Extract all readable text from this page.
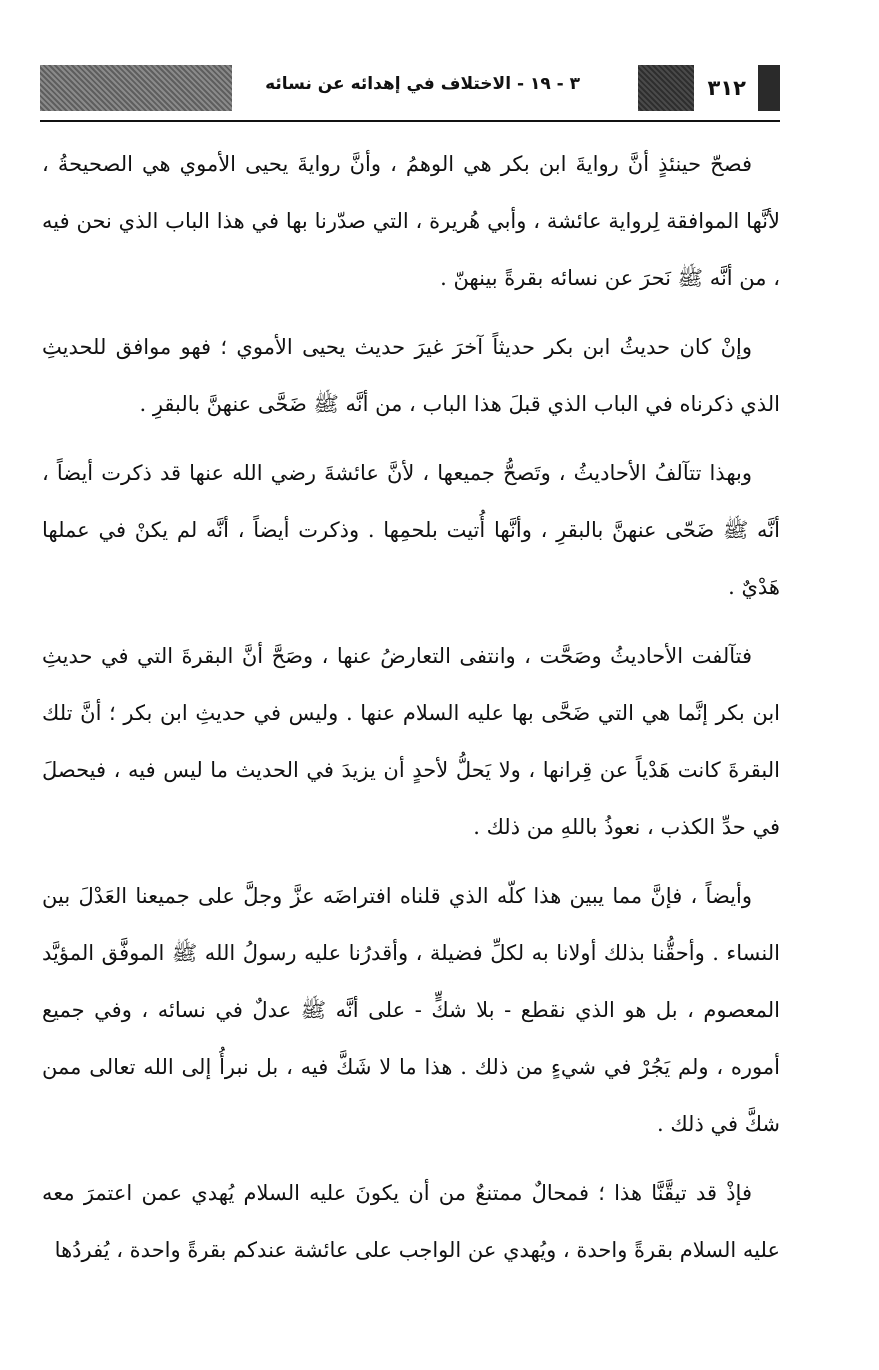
٣١٢
٣ - ١٩ - الاختلاف في إهدائه عن نسائه

فصحّ حينئذٍ أنَّ روايةَ ابن بكر هي الوهمُ ، وأنَّ روايةَ يحيى الأموي هي الصحيحةُ ، لأنَّها الموافقة لِرواية عائشة ، وأبي هُريرة ، التي صدّرنا بها في هذا الباب الذي نحن فيه ، من أنَّه ﷺ نَحرَ عن نسائه بقرةً بينهنّ .

وإنْ كان حديثُ ابن بكر حديثاً آخرَ غيرَ حديث يحيى الأموي ؛ فهو موافق للحديثِ الذي ذكرناه في الباب الذي قبلَ هذا الباب ، من أنَّه ﷺ ضَحَّى عنهنَّ بالبقرِ .

وبهذا تتآلفُ الأحاديثُ ، وتَصحُّ جميعها ، لأنَّ عائشةَ رضي الله عنها قد ذكرت أيضاً ، أنَّه ﷺ ضَحّى عنهنَّ بالبقرِ ، وأنَّها أُتيت بلحمِها . وذكرت أيضاً ، أنَّه لم يكنْ في عملها هَدْيٌ .

فتآلفت الأحاديثُ وصَحَّت ، وانتفى التعارضُ عنها ، وصَحَّ أنَّ البقرةَ التي في حديثِ ابن بكر إنَّما هي التي ضَحَّى بها عليه السلام عنها . وليس في حديثِ ابن بكر ؛ أنَّ تلك البقرةَ كانت هَدْياً عن قِرانها ، ولا يَحلُّ لأحدٍ أن يزيدَ في الحديث ما ليس فيه ، فيحصلَ في حدِّ الكذب ، نعوذُ باللهِ من ذلك .

وأيضاً ، فإنَّ مما يبين هذا كلّه الذي قلناه افتراضَه عزَّ وجلَّ على جميعنا العَدْلَ بين النساء . وأحقُّنا بذلك أولانا به لكلِّ فضيلة ، وأقدرُنا عليه رسولُ الله ﷺ الموفَّق المؤيَّد المعصوم ، بل هو الذي نقطع - بلا شكٍّ - على أنَّه ﷺ عدلٌ في نسائه ، وفي جميع أموره ، ولم يَجُرْ في شيءٍ من ذلك . هذا ما لا شَكَّ فيه ، بل نبرأُ إلى الله تعالى ممن شكَّ في ذلك .

فإذْ قد تيقَّنَّا هذا ؛ فمحالٌ ممتنعٌ من أن يكونَ عليه السلام يُهدي عمن اعتمرَ معه عليه السلام بقرةً واحدة ، ويُهدي عن الواجب على عائشة عندكم بقرةً واحدة ، يُفردُها
